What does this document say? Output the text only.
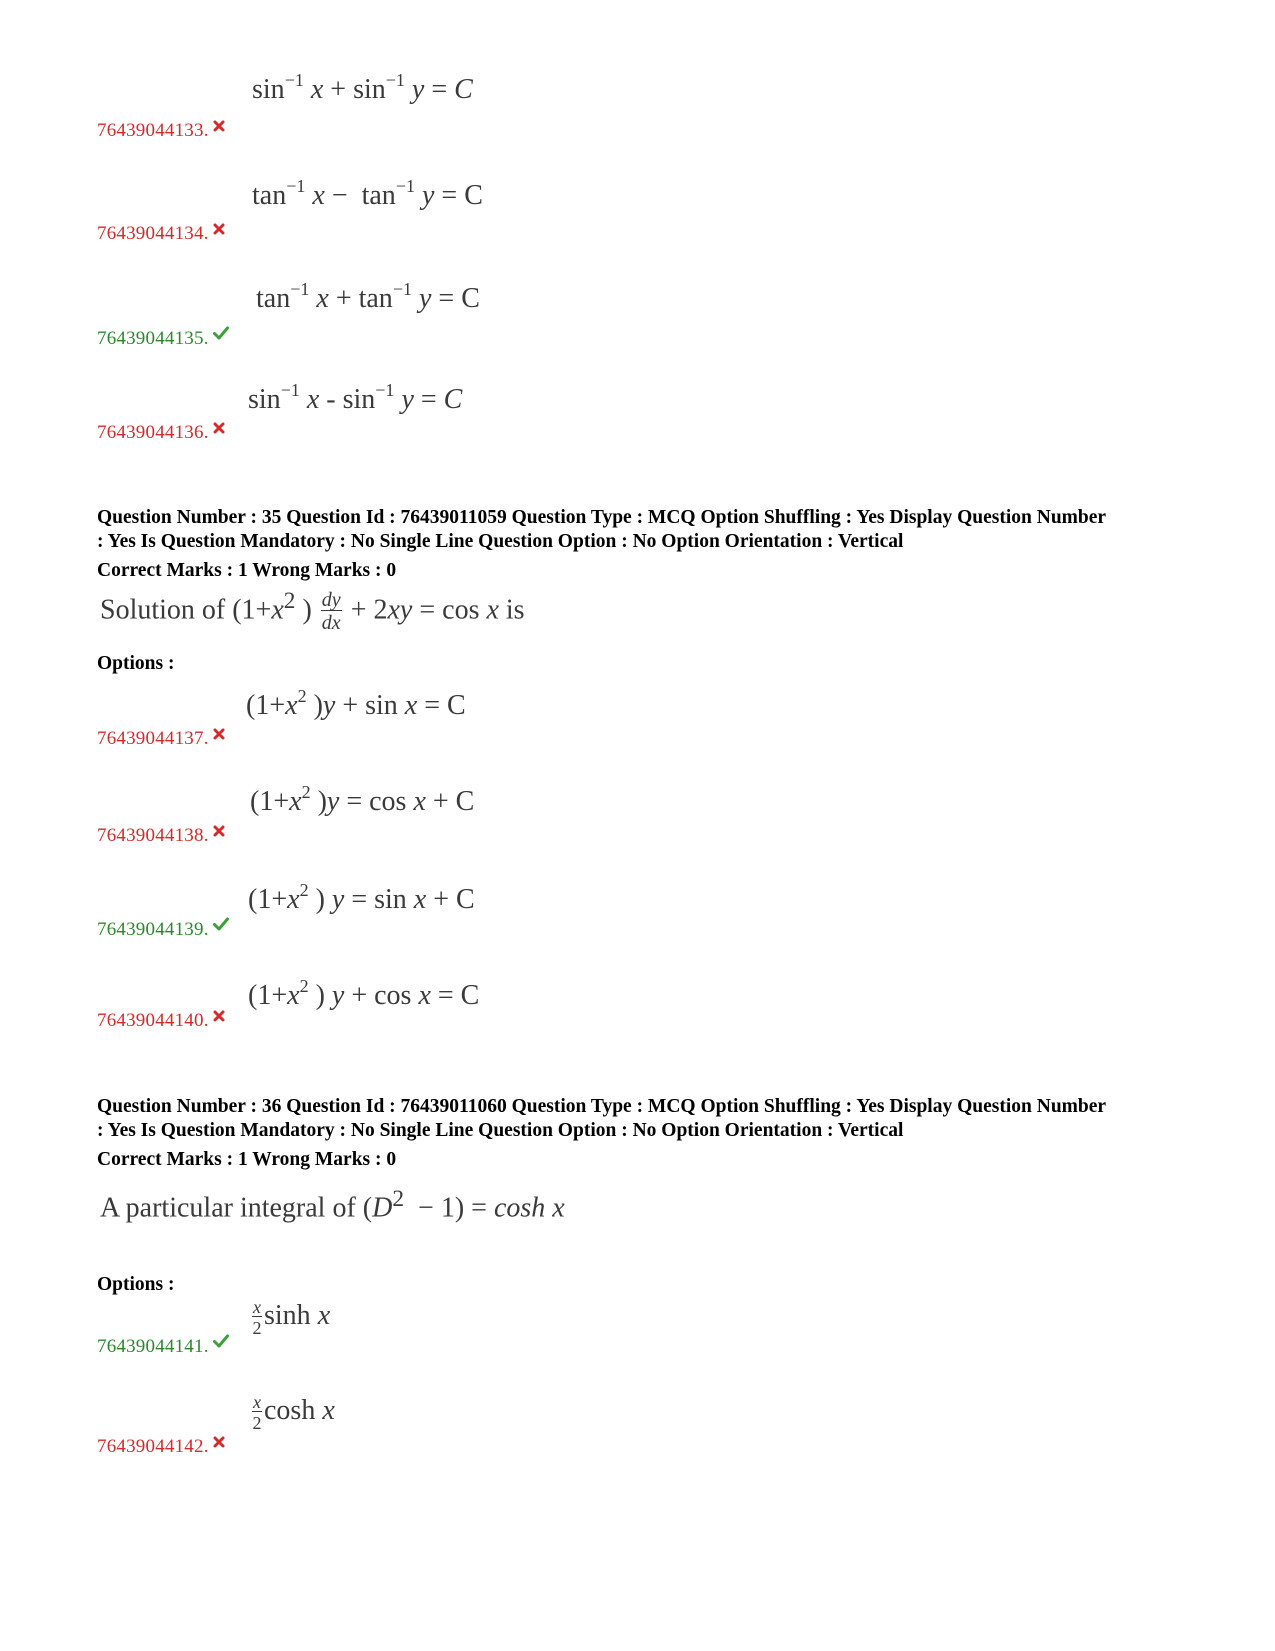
$\sin^{-1} x + \sin^{-1} y = C$
76439044133.
$\tan^{-1} x - \tan^{-1} y = C$
76439044134.
$\tan^{-1} x + \tan^{-1} y = C$
76439044135.
$\sin^{-1} x - \sin^{-1} y = C$
76439044136.
Question Number : 35 Question Id : 76439011059 Question Type : MCQ Option Shuffling : Yes Display Question Number
: Yes Is Question Mandatory : No Single Line Question Option : No Option Orientation : Vertical
Correct Marks : 1 Wrong Marks : 0
Solution of ($1+x^2$ ) $\frac{dy}{dx} + 2xy = \cos x$ is
Options :
($1+x^2$ )y + sin x = C
76439044137.
($1+x^2$ )y = cos x + C
76439044138.
($1+x^2$ ) y = sin x + C
76439044139.
($1+x^2$ ) y + cos x = C
76439044140.
Question Number : 36 Question Id : 76439011060 Question Type : MCQ Option Shuffling : Yes Display Question Number
: Yes Is Question Mandatory : No Single Line Question Option : No Option Orientation : Vertical
Correct Marks : 1 Wrong Marks : 0
A particular integral of $(D^2 - 1) = \cosh x$
Options :
$\frac{x}{2}$ sinh x
76439044141.
$\frac{x}{2}$ cosh x
76439044142.
